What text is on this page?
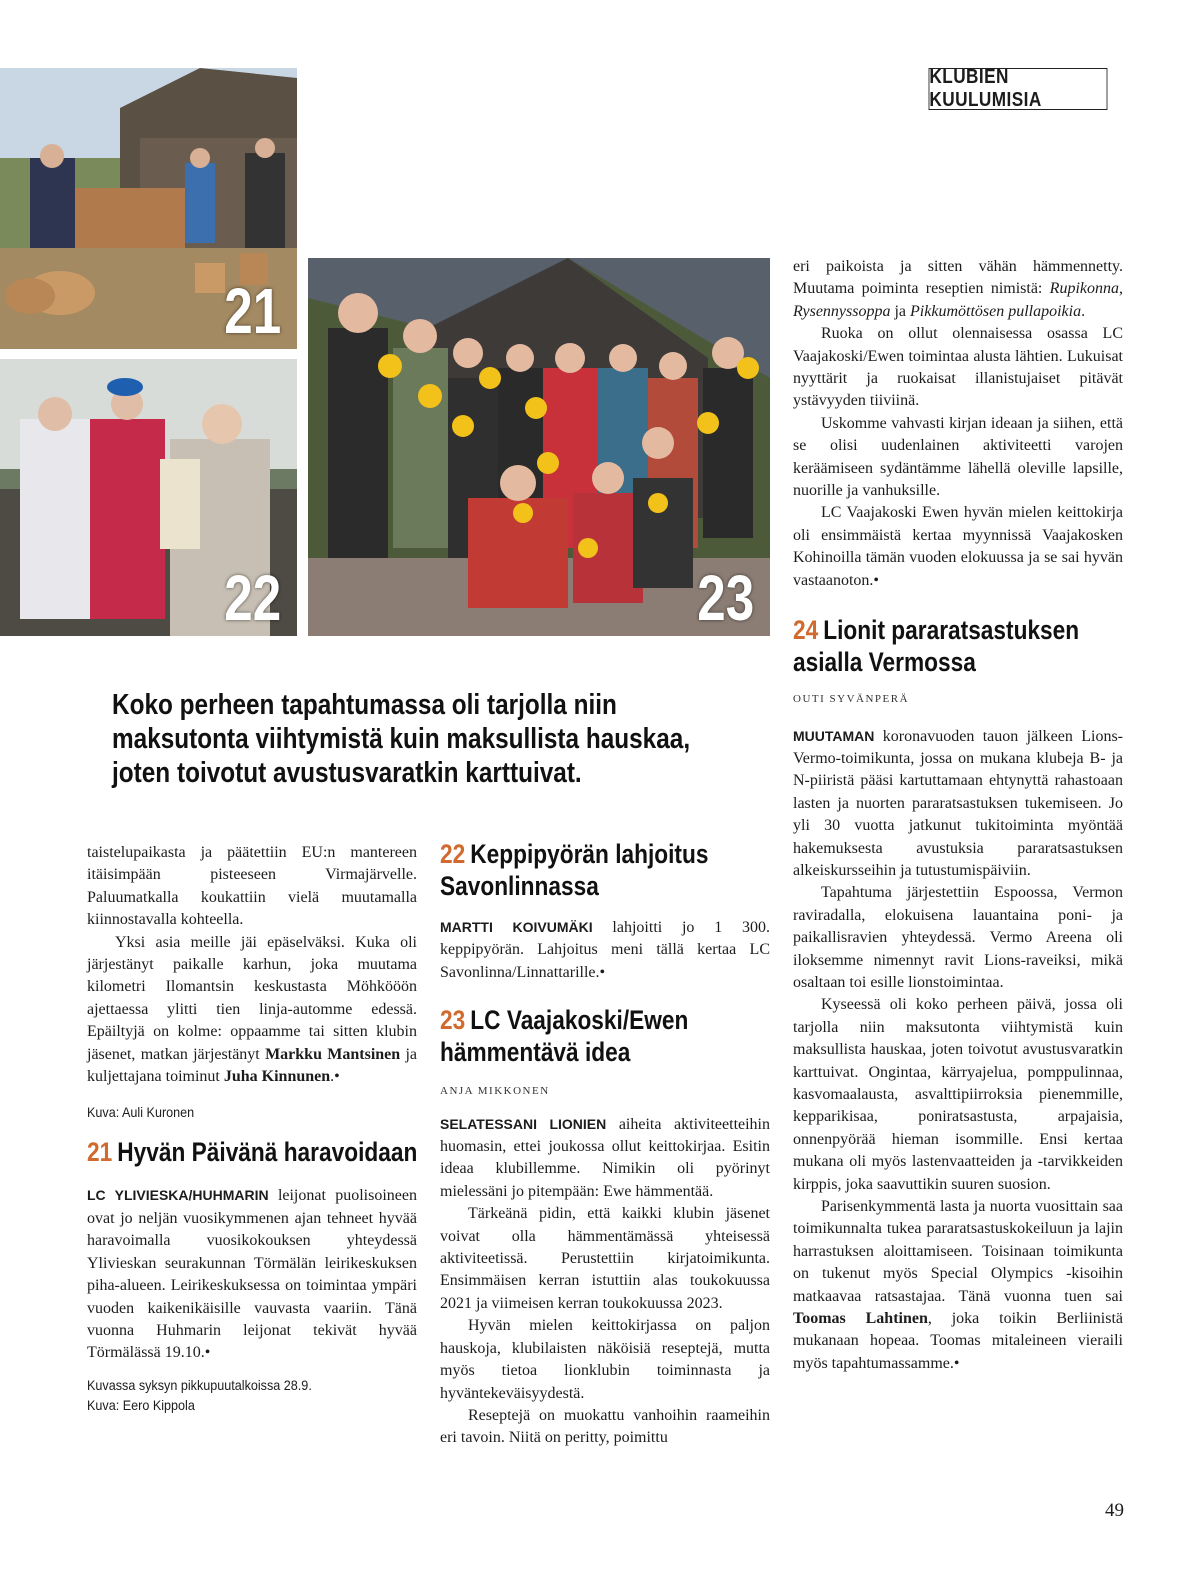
KLUBIEN KUULUMISIA
21
22	23
Koko perheen tapahtumassa oli tarjolla niin maksutonta viihtymistä kuin maksullista hauskaa, joten toivotut avustusvaratkin karttuivat.

taistelupaikasta ja päätettiin EU:n mantereen itäisimpään pisteeseen Virmajärvelle. Paluumatkalla koukattiin vielä muutamalla kiinnostavalla kohteella.

Yksi asia meille jäi epäselväksi. Kuka oli järjestänyt paikalle karhun, joka muutama kilometri Ilomantsin keskustasta Möhkööön ajettaessa ylitti tien linja-automme edessä. Epäiltyjä on kolme: oppaamme tai sitten klubin jäsenet, matkan järjestänyt Markku Mantsinen ja kuljettajana toiminut Juha Kinnunen.•

Kuva: Auli Kuronen
21 Hyvän Päivänä haravoidaan

LC YLIVIESKA/HUHMARIN leijonat puolisoineen ovat jo neljän vuosikymmenen ajan tehneet hyvää haravoimalla vuosikokouksen yhteydessä Ylivieskan seurakunnan Törmälän leirikeskuksen piha-alueen. Leirikeskuksessa on toimintaa ympäri vuoden kaikenikäisille vauvasta vaariin. Tänä vuonna Huhmarin leijonat tekivät hyvää Törmälässä 19.10.•

Kuvassa syksyn pikkupuutalkoissa 28.9.
Kuva: Eero Kippola
22 Keppipyörän lahjoitus Savonlinnassa

MARTTI KOIVUMÄKI lahjoitti jo 1 300. keppipyörän. Lahjoitus meni tällä kertaa LC Savonlinna/Linnattarille.•

23 LC Vaajakoski/Ewen hämmentävä idea
ANJA MIKKONEN

SELATESSANI LIONIEN aiheita aktiviteetteihin huomasin, ettei joukossa ollut keittokirjaa. Esitin ideaa klubillemme. Nimikin oli pyörinyt mielessäni jo pitempään: Ewe hämmentää.

Tärkeänä pidin, että kaikki klubin jäsenet voivat olla hämmentämässä yhteisessä aktiviteetissä. Perustettiin kirjatoimikunta. Ensimmäisen kerran istuttiin alas toukokuussa 2021 ja viimeisen kerran toukokuussa 2023.

Hyvän mielen keittokirjassa on paljon hauskoja, klubilaisten näköisiä reseptejä, mutta myös tietoa lionklubin toiminnasta ja hyväntekeväisyydestä.

Reseptejä on muokattu vanhoihin raameihin eri tavoin. Niitä on peritty, poimittu

eri paikoista ja sitten vähän hämmennetty. Muutama poiminta reseptien nimistä: Rupikonna, Rysennyssoppa ja Pikkumöttösen pullapoikia.

Ruoka on ollut olennaisessa osassa LC Vaajakoski/Ewen toimintaa alusta lähtien. Lukuisat nyyttärit ja ruokaisat illanistujaiset pitävät ystävyyden tiiviinä.

Uskomme vahvasti kirjan ideaan ja siihen, että se olisi uudenlainen aktiviteetti varojen keräämiseen sydäntämme lähellä oleville lapsille, nuorille ja vanhuksille.

LC Vaajakoski Ewen hyvän mielen keittokirja oli ensimmäistä kertaa myynnissä Vaajakosken Kohinoilla tämän vuoden elokuussa ja se sai hyvän vastaanoton.•

24 Lionit pararatsastuksen asialla Vermossa
OUTI SYVÄNPERÄ

MUUTAMAN koronavuoden tauon jälkeen Lions-Vermo-toimikunta, jossa on mukana klubeja B- ja N-piiristä pääsi kartuttamaan ehtynyttä rahastoaan lasten ja nuorten pararatsastuksen tukemiseen. Jo yli 30 vuotta jatkunut tukitoiminta myöntää hakemuksesta avustuksia pararatsastuksen alkeiskursseihin ja tutustumispäiviin.

Tapahtuma järjestettiin Espoossa, Vermon raviradalla, elokuisena lauantaina poni- ja paikallisravien yhteydessä. Vermo Areena oli iloksemme nimennyt ravit Lions-raveiksi, mikä osaltaan toi esille lionstoimintaa.

Kyseessä oli koko perheen päivä, jossa oli tarjolla niin maksutonta viihtymistä kuin maksullista hauskaa, joten toivotut avustusvaratkin karttuivat. Ongintaa, kärryajelua, pomppulinnaa, kasvomaalausta, asvalttipiirroksia pienemmille, kepparikisaa, poniratsastusta, arpajaisia, onnenpyörää hieman isommille. Ensi kertaa mukana oli myös lastenvaatteiden ja -tarvikkeiden kirppis, joka saavuttikin suuren suosion.

Parisenkymmentä lasta ja nuorta vuosittain saa toimikunnalta tukea pararatsastuskokeiluun ja lajin harrastuksen aloittamiseen. Toisinaan toimikunta on tukenut myös Special Olympics -kisoihin matkaavaa ratsastajaa. Tänä vuonna tuen sai Toomas Lahtinen, joka toikin Berliinistä mukanaan hopeaa. Toomas mitaleineen vieraili myös tapahtumassamme.•

49
